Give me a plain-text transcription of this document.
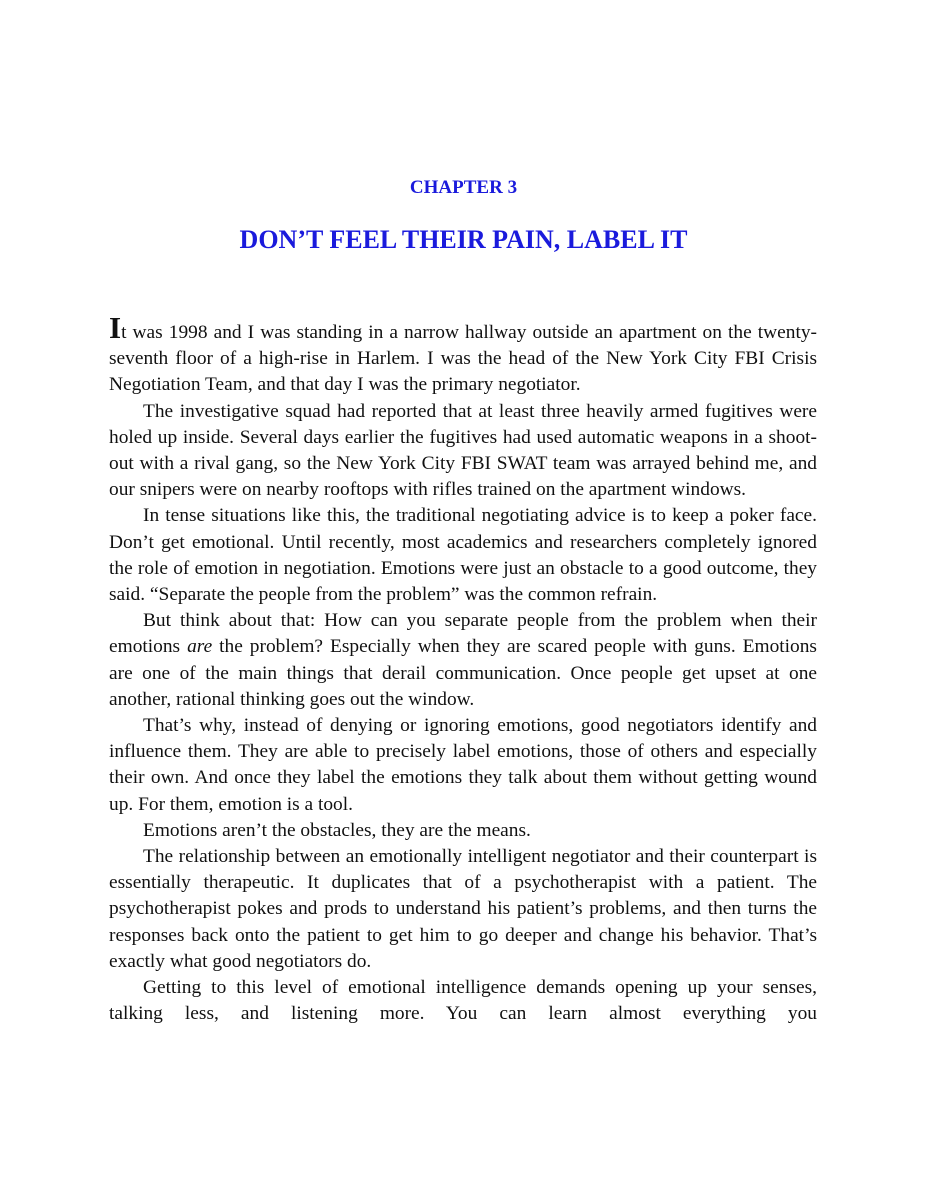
CHAPTER 3
DON’T FEEL THEIR PAIN, LABEL IT

It was 1998 and I was standing in a narrow hallway outside an apartment on the twenty-seventh floor of a high-rise in Harlem. I was the head of the New York City FBI Crisis Negotiation Team, and that day I was the primary negotiator.

The investigative squad had reported that at least three heavily armed fugitives were holed up inside. Several days earlier the fugitives had used automatic weapons in a shoot-out with a rival gang, so the New York City FBI SWAT team was arrayed behind me, and our snipers were on nearby rooftops with rifles trained on the apartment windows.

In tense situations like this, the traditional negotiating advice is to keep a poker face. Don’t get emotional. Until recently, most academics and researchers completely ignored the role of emotion in negotiation. Emotions were just an obstacle to a good outcome, they said. “Separate the people from the problem” was the common refrain.

But think about that: How can you separate people from the problem when their emotions are the problem? Especially when they are scared people with guns. Emotions are one of the main things that derail communication. Once people get upset at one another, rational thinking goes out the window.

That’s why, instead of denying or ignoring emotions, good negotiators identify and influence them. They are able to precisely label emotions, those of others and especially their own. And once they label the emotions they talk about them without getting wound up. For them, emotion is a tool.

Emotions aren’t the obstacles, they are the means.

The relationship between an emotionally intelligent negotiator and their counterpart is essentially therapeutic. It duplicates that of a psychotherapist with a patient. The psychotherapist pokes and prods to understand his patient’s problems, and then turns the responses back onto the patient to get him to go deeper and change his behavior. That’s exactly what good negotiators do.

Getting to this level of emotional intelligence demands opening up your senses, talking less, and listening more. You can learn almost everything you
